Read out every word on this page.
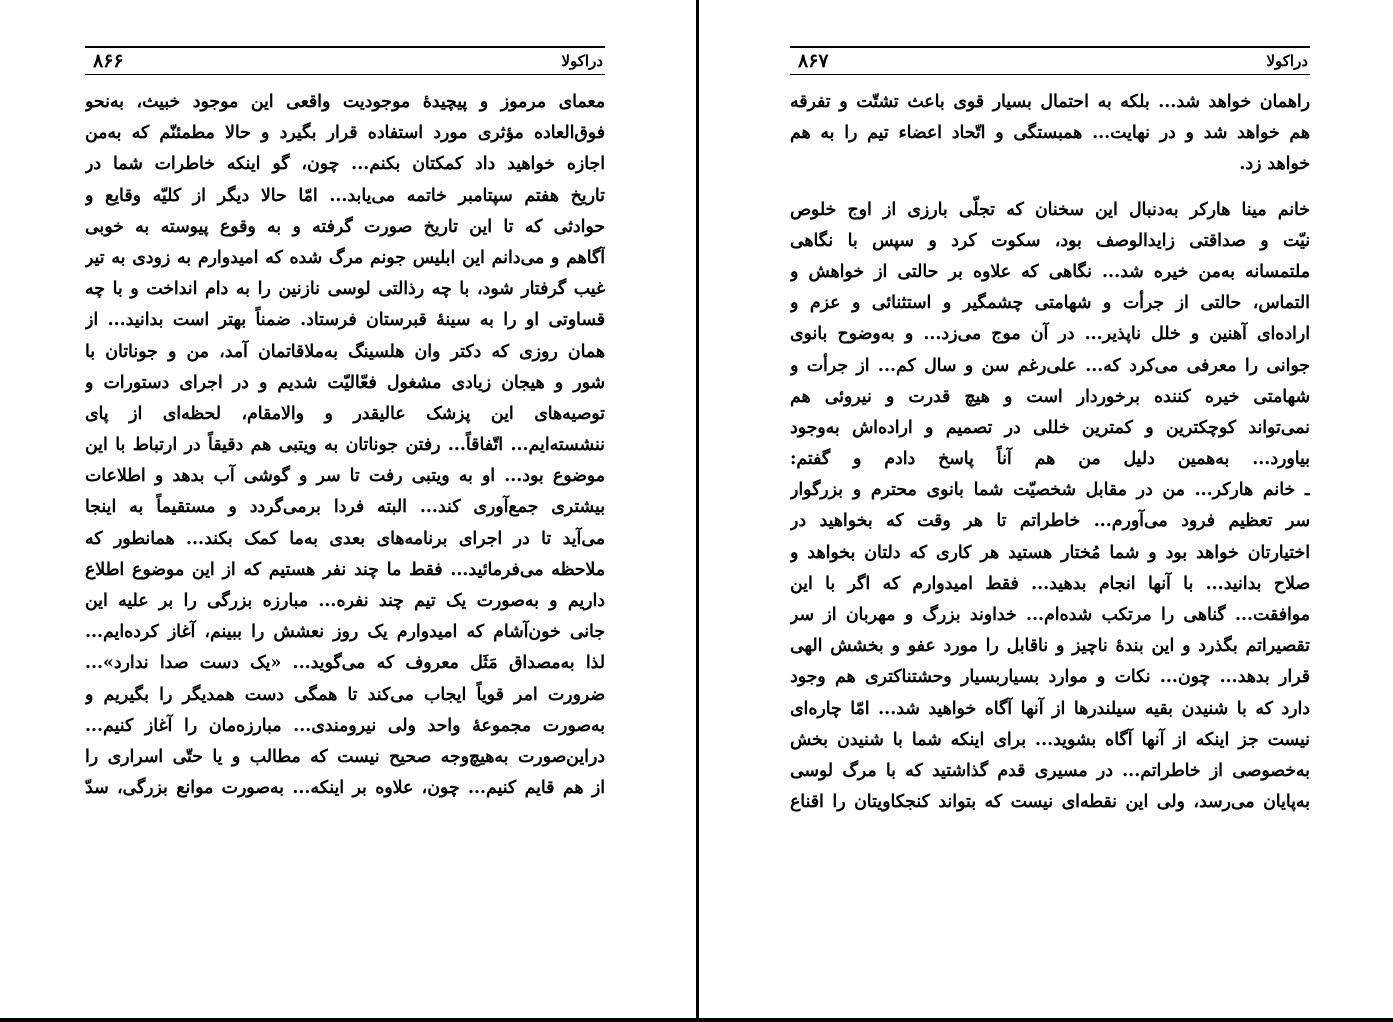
دراکولا
۸۶۶
معمای مرموز و پیچیدهٔ موجودیت واقعی این موجود خبیث، به‌نحو
فوق‌العاده مؤثری مورد استفاده قرار بگیرد و حالا مطمئنّم که به‌من
اجازه خواهید داد کمکتان بکنم... چون، گو اینکه خاطرات شما در
تاریخ هفتم سپتامبر خاتمه می‌یابد... امّا حالا دیگر از کلیّه وقایع و
حوادثی که تا این تاریخ صورت گرفته و به وقوع پیوسته به خوبی
آگاهم و می‌دانم این ابلیس جونم مرگ شده که امیدوارم به زودی به تیر
غیب گرفتار شود، با چه رذالتی لوسی نازنین را به دام انداخت و با چه
قساوتی او را به سینهٔ قبرستان فرستاد. ضمناً بهتر است بدانید... از
همان روزی که دکتر وان هلسینگ به‌ملاقاتمان آمد، من و جوناتان با
شور و هیجان زیادی مشغول فعّالیّت شدیم و در اجرای دستورات و
توصیه‌های این پزشک عالیقدر و والامقام، لحظه‌ای از پای
ننشسته‌ایم... اتّفاقاً... رفتن جوناتان به ویتبی هم دقیقاً در ارتباط با این
موضوع بود... او به ویتبی رفت تا سر و گوشی آب بدهد و اطلاعات
بیشتری جمع‌آوری کند... البته فردا برمی‌گردد و مستقیماً به اینجا
می‌آید تا در اجرای برنامه‌های بعدی به‌ما کمک بکند... همانطور که
ملاحظه می‌فرمائید... فقط ما چند نفر هستیم که از این موضوع اطلاع
داریم و به‌صورت یک تیم چند نفره... مبارزه بزرگی را بر علیه این
جانی خون‌آشام که امیدوارم یک روز نعشش را ببینم، آغاز کرده‌ایم...
لذا به‌مصداق مَثَل معروف که می‌گوید... «یک دست صدا ندارد»...
ضرورت امر قویاً ایجاب می‌کند تا همگی دست همدیگر را بگیریم و
به‌صورت مجموعهٔ واحد ولی نیرومندی... مبارزه‌مان را آغاز کنیم...
دراین‌صورت به‌هیچ‌وجه صحیح نیست که مطالب و یا حتّی اسراری را
از هم قایم کنیم... چون، علاوه بر اینکه... به‌صورت موانع بزرگی، سدّ
دراکولا
۸۶۷
راهمان خواهد شد... بلکه به احتمال بسیار قوی باعث تشتّت و تفرقه
هم خواهد شد و در نهایت... همبستگی و اتّحاد اعضاء تیم را به هم
خواهد زد.
خانم مینا هارکر به‌دنبال این سخنان که تجلّی بارزی از اوج خلوص
نیّت و صداقتی زایدالوصف بود، سکوت کرد و سپس با نگاهی
ملتمسانه به‌من خیره شد... نگاهی که علاوه بر حالتی از خواهش و
التماس، حالتی از جرأت و شهامتی چشمگیر و استثنائی و عزم و
اراده‌ای آهنین و خلل ناپذیر... در آن موج می‌زد... و به‌وضوح بانوی
جوانی را معرفی می‌کرد که... علی‌رغم سن و سال کم... از جرأت و
شهامتی خیره کننده برخوردار است و هیچ قدرت و نیروئی هم
نمی‌تواند کوچکترین و کمترین خللی در تصمیم و اراده‌اش به‌وجود
بیاورد... به‌همین دلیل من هم آناً پاسخ دادم و گفتم:
ـ خانم هارکر... من در مقابل شخصیّت شما بانوی محترم و بزرگوار
سر تعظیم فرود می‌آورم... خاطراتم تا هر وقت که بخواهید در
اختیارتان خواهد بود و شما مُختار هستید هر کاری که دلتان بخواهد و
صلاح بدانید... با آنها انجام بدهید... فقط امیدوارم که اگر با این
موافقت... گناهی را مرتکب شده‌ام... خداوند بزرگ و مهربان از سر
تقصیراتم بگذرد و این بندهٔ ناچیز و ناقابل را مورد عفو و بخشش الهی
قرار بدهد... چون... نکات و موارد بسیاربسیار وحشتناکتری هم وجود
دارد که با شنیدن بقیه سیلندرها از آنها آگاه خواهید شد... امّا چاره‌ای
نیست جز اینکه از آنها آگاه بشوید... برای اینکه شما با شنیدن بخش
به‌خصوصی از خاطراتم... در مسیری قدم گذاشتید که با مرگ لوسی
به‌پایان می‌رسد، ولی این نقطه‌ای نیست که بتواند کنجکاویتان را اقناع
